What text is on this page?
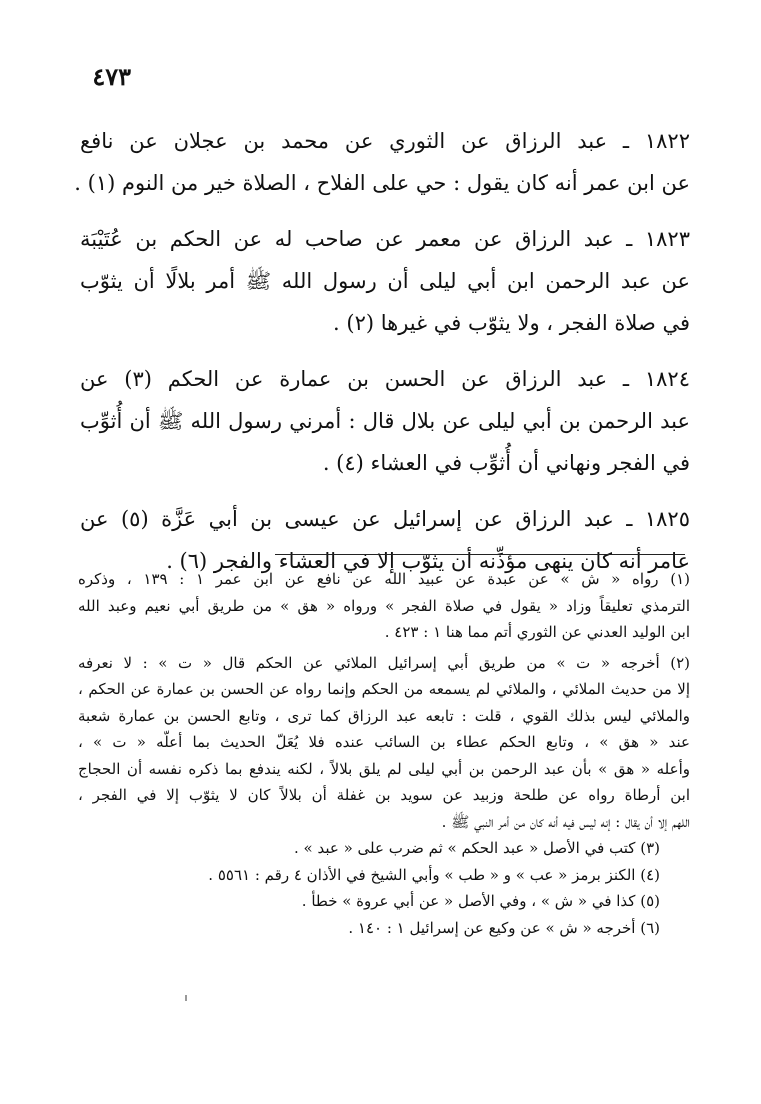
٤٧٣
١٨٢٢ ـ عبد الرزاق عن الثوري عن محمد بن عجلان عن نافع
عن ابن عمر أنه كان يقول : حي على الفلاح ، الصلاة خير من النوم (١) .
١٨٢٣ ـ عبد الرزاق عن معمر عن صاحب له عن الحكم بن عُتَيْبَة
عن عبد الرحمن ابن أبي ليلى أن رسول الله ﷺ أمر بلالًا أن يثوّب
في صلاة الفجر ، ولا يثوّب في غيرها (٢) .
١٨٢٤ ـ عبد الرزاق عن الحسن بن عمارة عن الحكم (٣) عن
عبد الرحمن بن أبي ليلى عن بلال قال : أمرني رسول الله ﷺ أن أُثوِّب
في الفجر ونهاني أن أُثوِّب في العشاء (٤) .
١٨٢٥ ـ عبد الرزاق عن إسرائيل عن عيسى بن أبي عَزَّة (٥) عن
عامر أنه كان ينهى مؤذِّنه أن يثوّب إلا في العشاء والفجر (٦) .
(١) رواه « ش » عن عبدة عن عبيد الله عن نافع عن ابن عمر ١ : ١٣٩ ، وذكره
الترمذي تعليقاً وزاد « يقول في صلاة الفجر » ورواه « هق » من طريق أبي نعيم وعبد الله
ابن الوليد العدني عن الثوري أتم مما هنا ١ : ٤٢٣ .
(٢) أخرجه « ت » من طريق أبي إسرائيل الملائي عن الحكم قال « ت » : لا نعرفه
إلا من حديث الملائي ، والملائي لم يسمعه من الحكم وإنما رواه عن الحسن بن عمارة عن الحكم ،
والملائي ليس بذلك القوي ، قلت : تابعه عبد الرزاق كما ترى ، وتابع الحسن بن عمارة شعبة
عند « هق » ، وتابع الحكم عطاء بن السائب عنده فلا يُعَلّ الحديث بما أعلّه « ت » ،
وأعله « هق » بأن عبد الرحمن بن أبي ليلى لم يلق بلالاً ، لكنه يندفع بما ذكره نفسه أن الحجاج
ابن أرطاة رواه عن طلحة وزبيد عن سويد بن غفلة أن بلالاً كان لا يثوّب إلا في الفجر ،
اللهم إلا أن يقال : إنه ليس فيه أنه كان من أمر النبي ﷺ .
(٣) كتب في الأصل « عبد الحكم » ثم ضرب على « عبد » .
(٤) الكنز برمز « عب » و « طب » وأبي الشيخ في الأذان ٤ رقم : ٥٥٦١ .
(٥) كذا في « ش » ، وفي الأصل « عن أبي عروة » خطأ .
(٦) أخرجه « ش » عن وكيع عن إسرائيل ١ : ١٤٠ .
